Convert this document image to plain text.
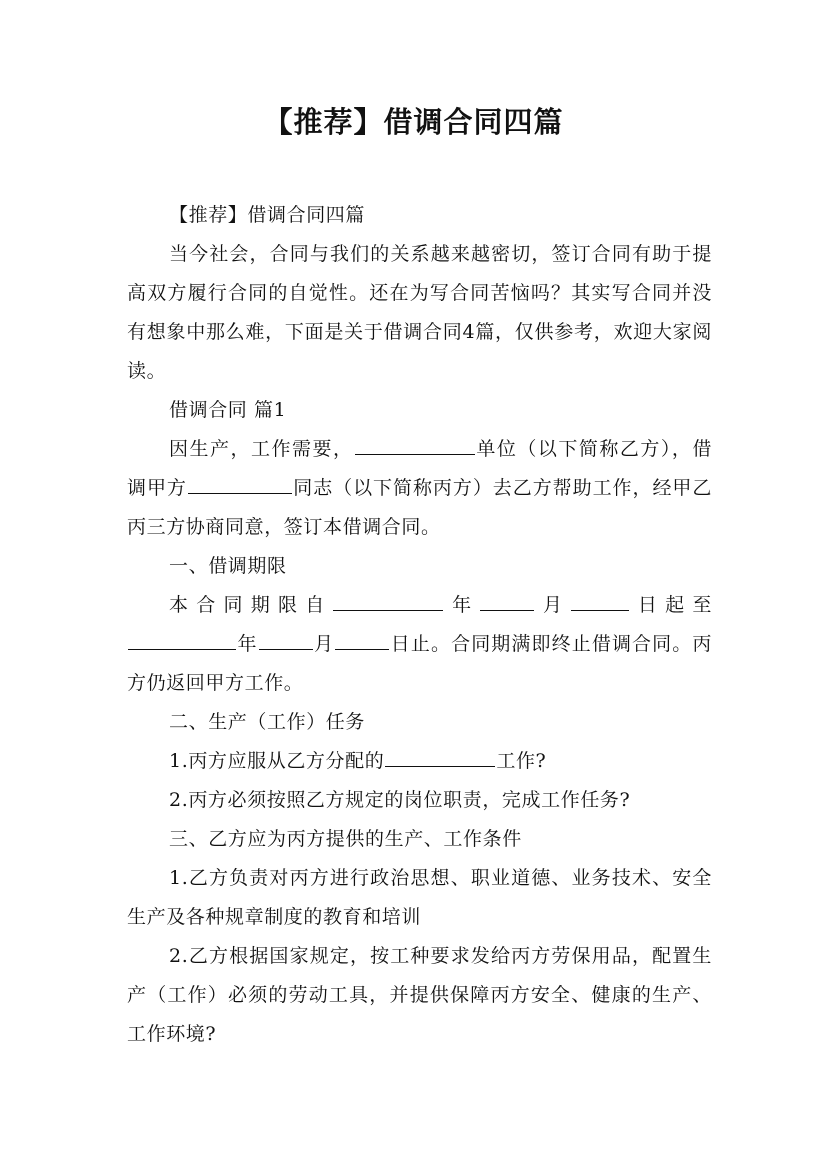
【推荐】借调合同四篇

【推荐】借调合同四篇

当今社会，合同与我们的关系越来越密切，签订合同有助于提高双方履行合同的自觉性。还在为写合同苦恼吗？其实写合同并没有想象中那么难，下面是关于借调合同4篇，仅供参考，欢迎大家阅读。

借调合同 篇1

因生产，工作需要，	单位（以下简称乙方），借调甲方	同志（以下简称丙方）去乙方帮助工作，经甲乙丙三方协商同意，签订本借调合同。

一、借调期限

本合同期限自	年	月	日起至年	月	日止。合同期满即终止借调合同。丙方仍返回甲方工作。

二、生产（工作）任务

1.丙方应服从乙方分配的	工作?

2.丙方必须按照乙方规定的岗位职责，完成工作任务?

三、乙方应为丙方提供的生产、工作条件

1.乙方负责对丙方进行政治思想、职业道德、业务技术、安全生产及各种规章制度的教育和培训

2.乙方根据国家规定，按工种要求发给丙方劳保用品，配置生产（工作）必须的劳动工具，并提供保障丙方安全、健康的生产、工作环境?
